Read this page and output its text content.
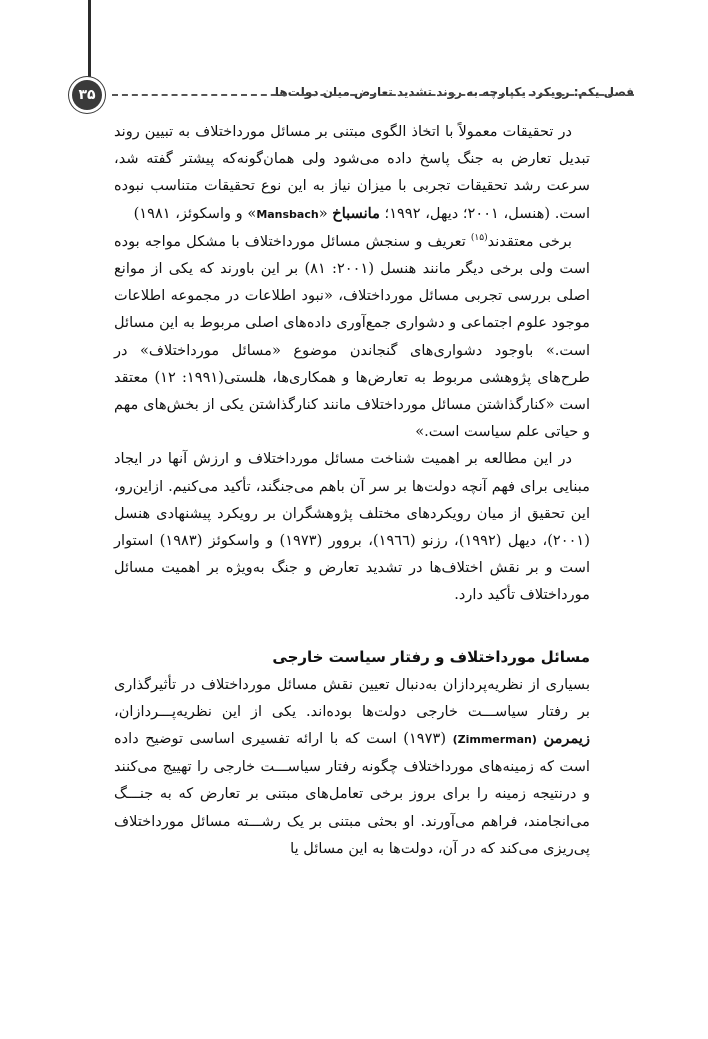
فصل یکم: رویکرد یکپارچه به روند تشدید تعارض میان دولت‌ها
۳۵

در تحقیقات معمولاً با اتخاذ الگوی مبتنی بر مسائل مورداختلاف به تبیین روند تبدیل تعارض به جنگ پاسخ داده می‌شود ولی همان‌گونه‌که پیشتر گفته شد، سرعت رشد تحقیقات تجربی با میزان نیاز به این نوع تحقیقات متناسب نبوده است. (هنسل، ۲۰۰۱؛ دیهل، ۱۹۹۲؛ مانسباخ «Mansbach» و واسکوئز، ۱۹۸۱)

برخی معتقدند$^{(۱۵)}$ تعریف و سنجش مسائل مورداختلاف با مشکل مواجه بوده است ولی برخی دیگر مانند هنسل (۲۰۰۱: ۸۱) بر این باورند که یکی از موانع اصلی بررسی تجربی مسائل مورداختلاف، «نبود اطلاعات در مجموعه اطلاعات موجود علوم اجتماعی و دشواری جمع‌آوری داده‌های اصلی مربوط به این مسائل است.» باوجود دشواری‌های گنجاندن موضوع «مسائل مورداختلاف» در طرح‌های پژوهشی مربوط به تعارض‌ها و همکاری‌ها، هلستی(۱۹۹۱: ۱۲) معتقد است «کنارگذاشتن مسائل مورداختلاف مانند کنارگذاشتن یکی از بخش‌های مهم و حیاتی علم سیاست است.»

در این مطالعه بر اهمیت شناخت مسائل مورداختلاف و ارزش آنها در ایجاد مبنایی برای فهم آنچه دولت‌ها بر سر آن باهم می‌جنگند، تأکید می‌کنیم. ازاین‌رو، این تحقیق از میان رویکردهای مختلف پژوهشگران بر رویکرد پیشنهادی هنسل (۲۰۰۱)، دیهل (۱۹۹۲)، رزنو (۱۹٦٦)، بروور (۱۹۷۳) و واسکوئز (۱۹۸۳) استوار است و بر نقش اختلاف‌ها در تشدید تعارض و جنگ به‌ویژه بر اهمیت مسائل مورداختلاف تأکید دارد.

مسائل مورداختلاف و رفتار سیاست خارجی

بسیاری از نظریه‌پردازان به‌دنبال تعیین نقش مسائل مورداختلاف در تأثیرگذاری بر رفتار سیاســـت خارجی دولت‌ها بوده‌اند. یکی از این نظریه‌پـــردازان، زیمرمن (Zimmerman) (۱۹۷۳) است که با ارائه تفسیری اساسی توضیح داده است که زمینه‌های مورداختلاف چگونه رفتار سیاســـت خارجی را تهییج می‌کنند و درنتیجه زمینه را برای بروز برخی تعامل‌های مبتنی بر تعارض که به جنـــگ می‌انجامند، فراهم می‌آورند. او بحثی مبتنی بر یک رشـــته مسائل مورداختلاف پی‌ریزی می‌کند که در آن، دولت‌ها به این مسائل یا
